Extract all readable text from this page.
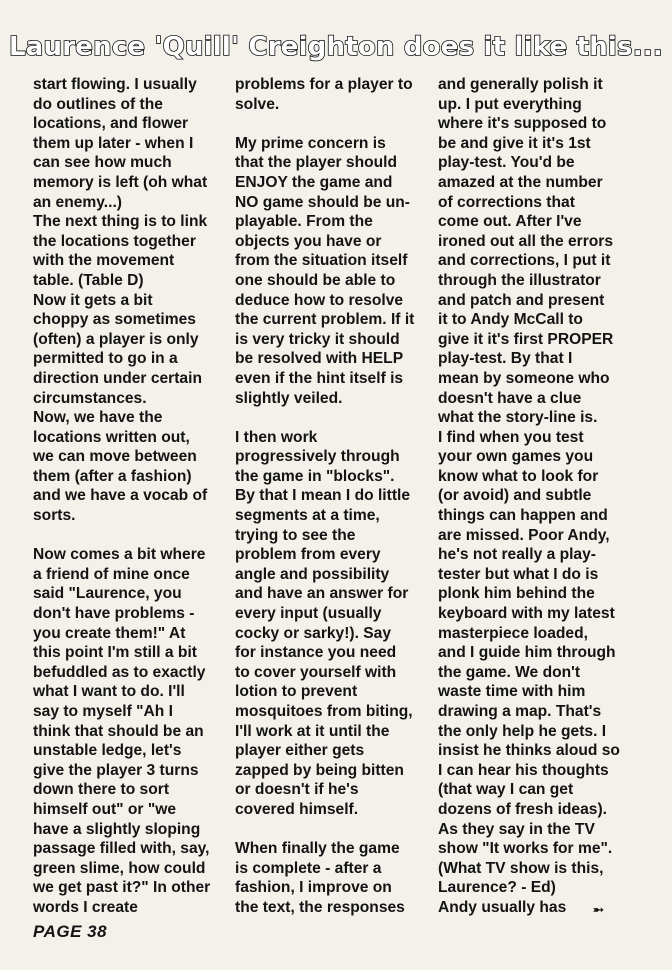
Laurence 'Quill' Creighton does it like this...
start flowing. I usually
do outlines of the
locations, and flower
them up later - when I
can see how much
memory is left (oh what
an enemy...)
The next thing is to link
the locations together
with the movement
table. (Table D)
Now it gets a bit
choppy as sometimes
(often) a player is only
permitted to go in a
direction under certain
circumstances.
Now, we have the
locations written out,
we can move between
them (after a fashion)
and we have a vocab of
sorts.
Now comes a bit where
a friend of mine once
said "Laurence, you
don't have problems -
you create them!" At
this point I'm still a bit
befuddled as to exactly
what I want to do. I'll
say to myself "Ah I
think that should be an
unstable ledge, let's
give the player 3 turns
down there to sort
himself out" or "we
have a slightly sloping
passage filled with, say,
green slime, how could
we get past it?" In other
words I create
problems for a player to
solve.
My prime concern is
that the player should
ENJOY the game and
NO game should be un-
playable. From the
objects you have or
from the situation itself
one should be able to
deduce how to resolve
the current problem. If it
is very tricky it should
be resolved with HELP
even if the hint itself is
slightly veiled.
I then work
progressively through
the game in "blocks".
By that I mean I do little
segments at a time,
trying to see the
problem from every
angle and possibility
and have an answer for
every input (usually
cocky or sarky!). Say
for instance you need
to cover yourself with
lotion to prevent
mosquitoes from biting,
I'll work at it until the
player either gets
zapped by being bitten
or doesn't if he's
covered himself.
When finally the game
is complete - after a
fashion, I improve on
the text, the responses
and generally polish it
up. I put everything
where it's supposed to
be and give it it's 1st
play-test. You'd be
amazed at the number
of corrections that
come out. After I've
ironed out all the errors
and corrections, I put it
through the illustrator
and patch and present
it to Andy McCall to
give it it's first PROPER
play-test. By that I
mean by someone who
doesn't have a clue
what the story-line is.
I find when you test
your own games you
know what to look for
(or avoid) and subtle
things can happen and
are missed. Poor Andy,
he's not really a play-
tester but what I do is
plonk him behind the
keyboard with my latest
masterpiece loaded,
and I guide him through
the game. We don't
waste time with him
drawing a map. That's
the only help he gets. I
insist he thinks aloud so
I can hear his thoughts
(that way I can get
dozens of fresh ideas).
As they say in the TV
show "It works for me".
(What TV show is this,
Laurence? - Ed)
Andy usually has	➵
PAGE 38
